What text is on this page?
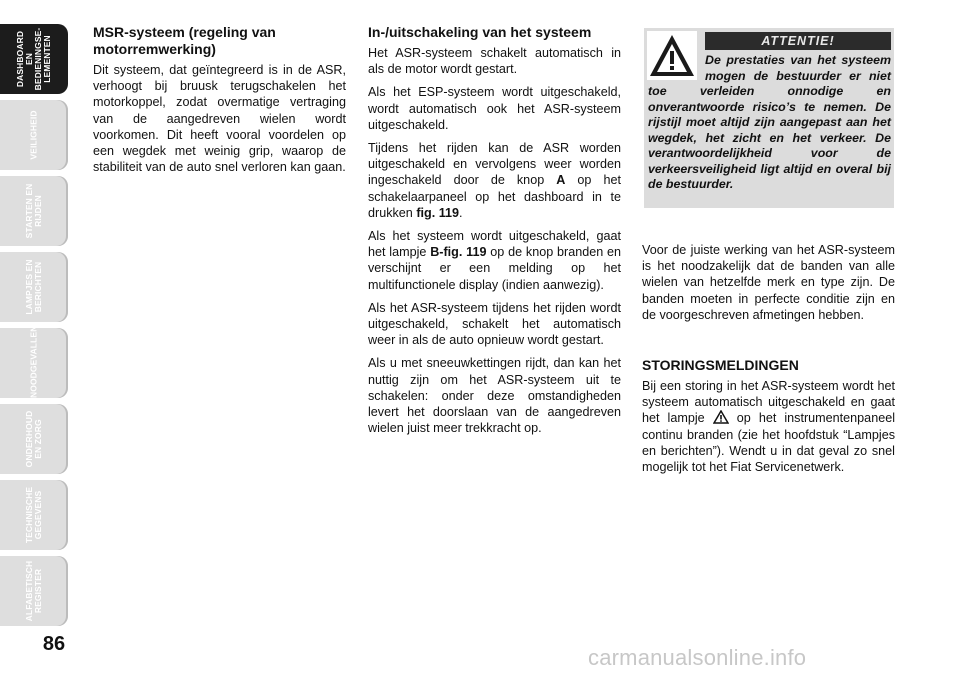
DASHBOARD EN
BEDIENINGSE-
LEMENTEN
VEILIGHEID
STARTEN EN
RIJDEN
LAMPJES EN
BERICHTEN
NOODGEVALLEN
ONDERHOUD
EN ZORG
TECHNISCHE
GEGEVENS
ALFABETISCH
REGISTER
86
MSR-systeem (regeling van motorremwerking)

Dit systeem, dat geïntegreerd is in de ASR, verhoogt bij bruusk terugschakelen het motorkoppel, zodat overmatige vertraging van de aangedreven wielen wordt voorkomen. Dit heeft vooral voordelen op een wegdek met weinig grip, waarop de stabiliteit van de auto snel verloren kan gaan.

In-/uitschakeling van het systeem

Het ASR-systeem schakelt automatisch in als de motor wordt gestart.

Als het ESP-systeem wordt uitgeschakeld, wordt automatisch ook het ASR-systeem uitgeschakeld.

Tijdens het rijden kan de ASR worden uitgeschakeld en vervolgens weer worden ingeschakeld door de knop A op het schakelaarpaneel op het dashboard in te drukken fig. 119.

Als het systeem wordt uitgeschakeld, gaat het lampje B-fig. 119 op de knop branden en verschijnt er een melding op het multifunctionele display (indien aanwezig).

Als het ASR-systeem tijdens het rijden wordt uitgeschakeld, schakelt het automatisch weer in als de auto opnieuw wordt gestart.

Als u met sneeuwkettingen rijdt, dan kan het nuttig zijn om het ASR-systeem uit te schakelen: onder deze omstandigheden levert het doorslaan van de aangedreven wielen juist meer trekkracht op.

ATTENTIE!
De prestaties van het systeem mogen de bestuurder er niet toe verleiden onnodige en onverantwoorde risico’s te nemen. De rijstijl moet altijd zijn aangepast aan het wegdek, het zicht en het verkeer. De verantwoordelijkheid voor de verkeersveiligheid ligt altijd en overal bij de bestuurder.

Voor de juiste werking van het ASR-systeem is het noodzakelijk dat de banden van alle wielen van hetzelfde merk en type zijn. De banden moeten in perfecte conditie zijn en de voorgeschreven afmetingen hebben.

STORINGSMELDINGEN

Bij een storing in het ASR-systeem wordt het systeem automatisch uitgeschakeld en gaat het lampje  op het instrumentenpaneel continu branden (zie het hoofdstuk “Lampjes en berichten”). Wendt u in dat geval zo snel mogelijk tot het Fiat Servicenetwerk.

carmanualsonline.info
